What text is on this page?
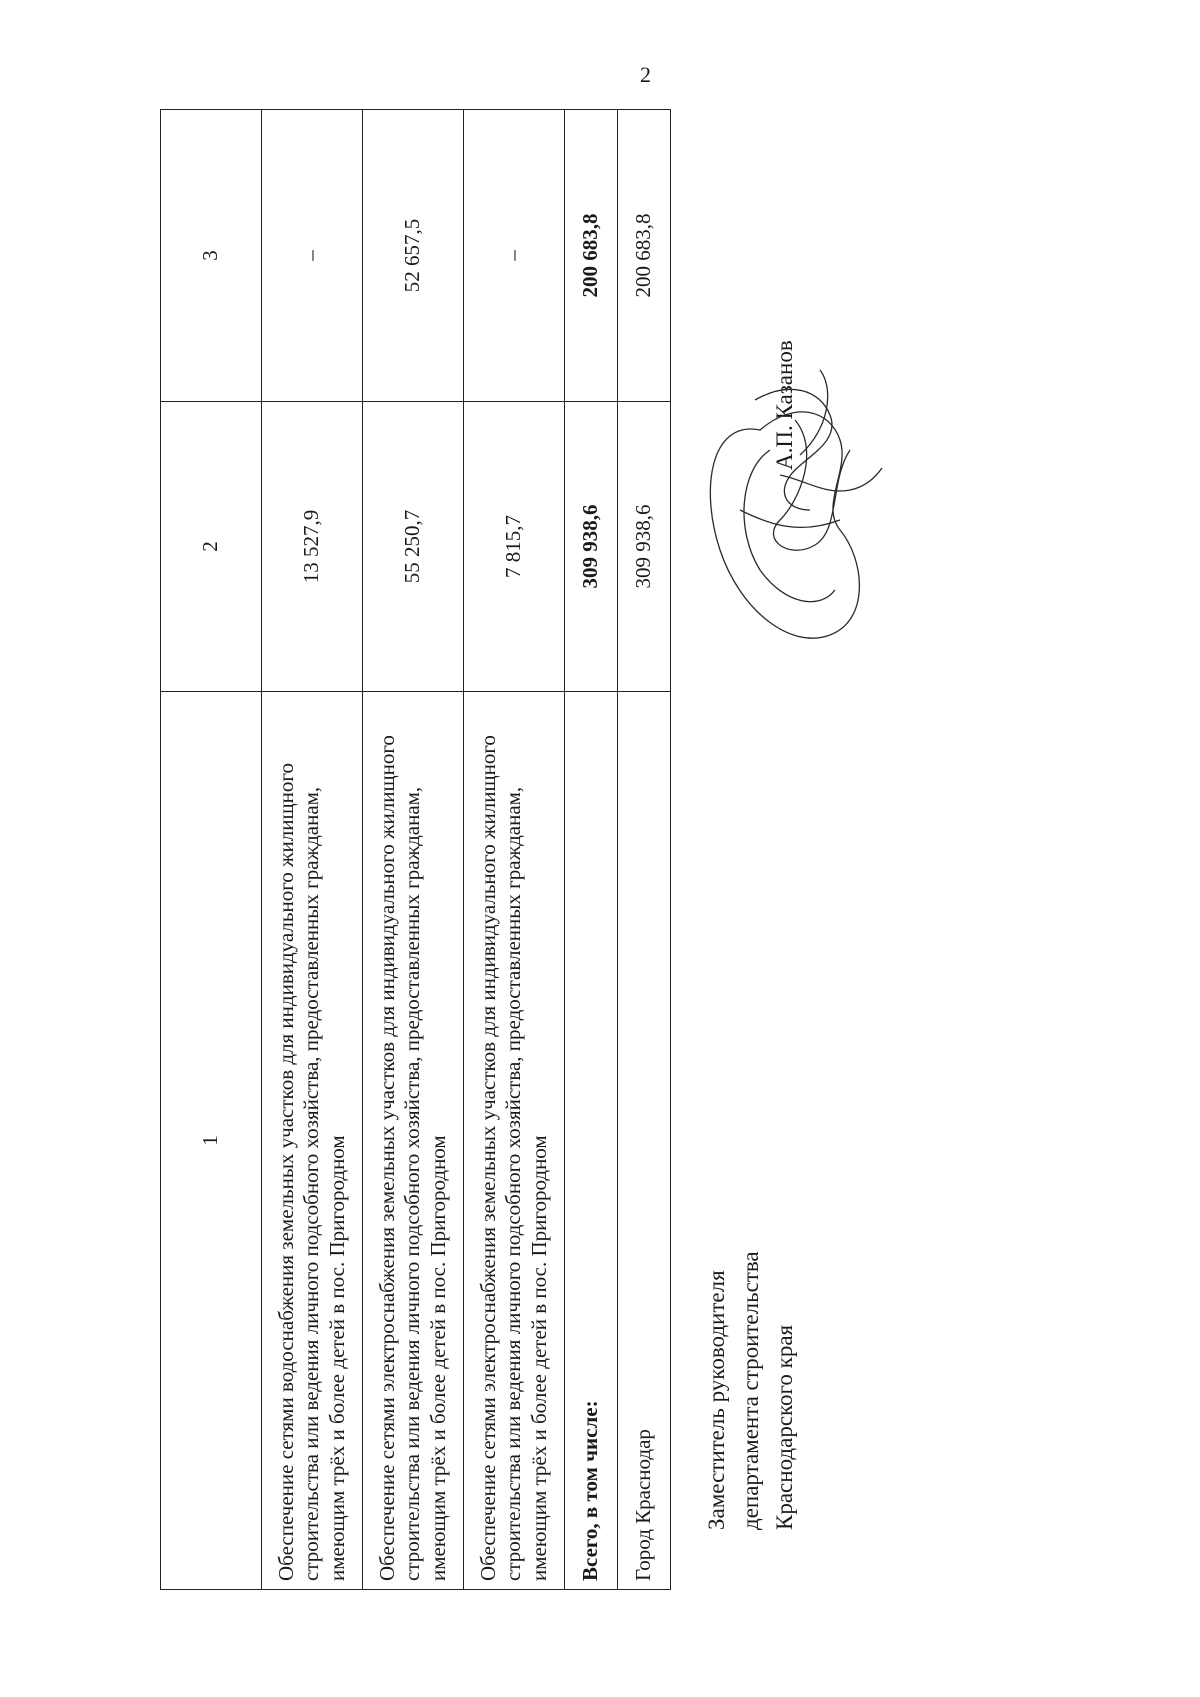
2
1	2	3
Обеспечение сетями водоснабжения земельных участков для индивидуального жилищного строительства или ведения личного подсобного хозяйства, предоставленных гражданам, имеющим трёх и более детей в пос. Пригородном	13 527,9	–
Обеспечение сетями электроснабжения земельных участков для индивидуального жилищного строительства или ведения личного подсобного хозяйства, предоставленных гражданам, имеющим трёх и более детей в пос. Пригородном	55 250,7	52 657,5
Обеспечение сетями электроснабжения земельных участков для индивидуального жилищного строительства или ведения личного подсобного хозяйства, предоставленных гражданам, имеющим трёх и более детей в пос. Пригородном	7 815,7	–
Всего, в том числе:	309 938,6	200 683,8
Город Краснодар	309 938,6	200 683,8
Заместитель руководителя департамента строительства Краснодарского края
А.П. Казанов
